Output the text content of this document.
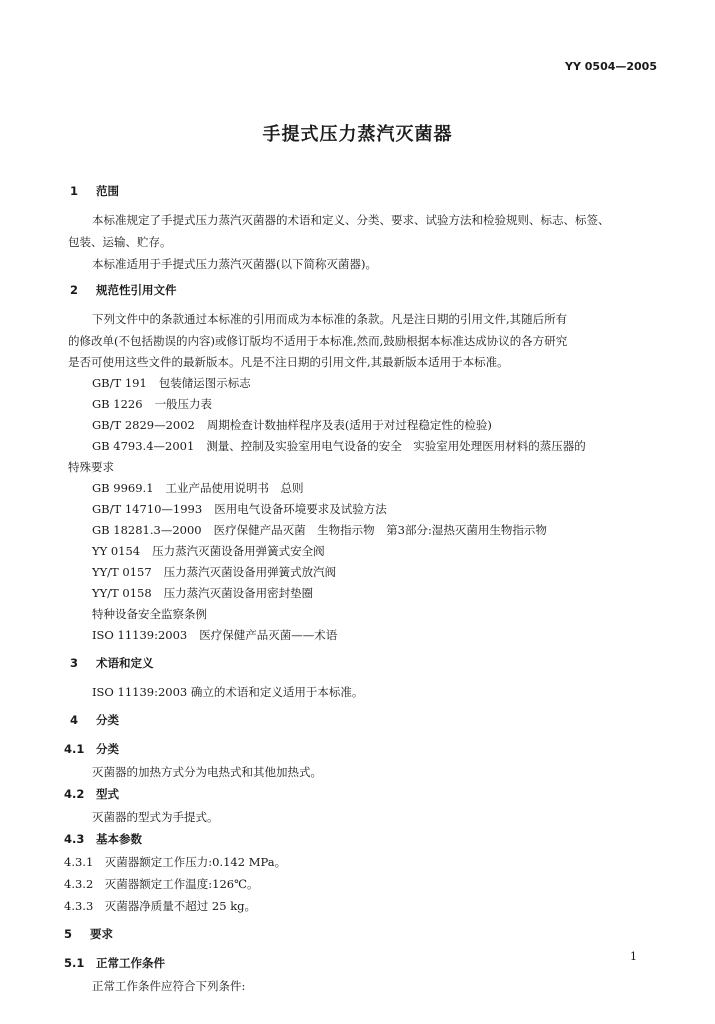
YY 0504—2005
手提式压力蒸汽灭菌器
1 范围
本标准规定了手提式压力蒸汽灭菌器的术语和定义、分类、要求、试验方法和检验规则、标志、标签、
包装、运输、贮存。
本标准适用于手提式压力蒸汽灭菌器(以下简称灭菌器)。
2 规范性引用文件
下列文件中的条款通过本标准的引用而成为本标准的条款。凡是注日期的引用文件,其随后所有
的修改单(不包括勘误的内容)或修订版均不适用于本标准,然而,鼓励根据本标准达成协议的各方研究
是否可使用这些文件的最新版本。凡是不注日期的引用文件,其最新版本适用于本标准。
GB/T 191 包装储运图示标志
GB 1226 一般压力表
GB/T 2829—2002 周期检查计数抽样程序及表(适用于对过程稳定性的检验)
GB 4793.4—2001 测量、控制及实验室用电气设备的安全　实验室用处理医用材料的蒸压器的
特殊要求
GB 9969.1 工业产品使用说明书　总则
GB/T 14710—1993 医用电气设备环境要求及试验方法
GB 18281.3—2000 医疗保健产品灭菌　生物指示物　第3部分:湿热灭菌用生物指示物
YY 0154 压力蒸汽灭菌设备用弹簧式安全阀
YY/T 0157 压力蒸汽灭菌设备用弹簧式放汽阀
YY/T 0158 压力蒸汽灭菌设备用密封垫圈
特种设备安全监察条例
ISO 11139:2003 医疗保健产品灭菌——术语
3 术语和定义
ISO 11139:2003 确立的术语和定义适用于本标准。
4 分类
4.1 分类
灭菌器的加热方式分为电热式和其他加热式。
4.2 型式
灭菌器的型式为手提式。
4.3 基本参数
4.3.1　灭菌器额定工作压力:0.142 MPa。
4.3.2　灭菌器额定工作温度:126℃。
4.3.3　灭菌器净质量不超过 25 kg。
5 要求
5.1 正常工作条件
正常工作条件应符合下列条件:
1
